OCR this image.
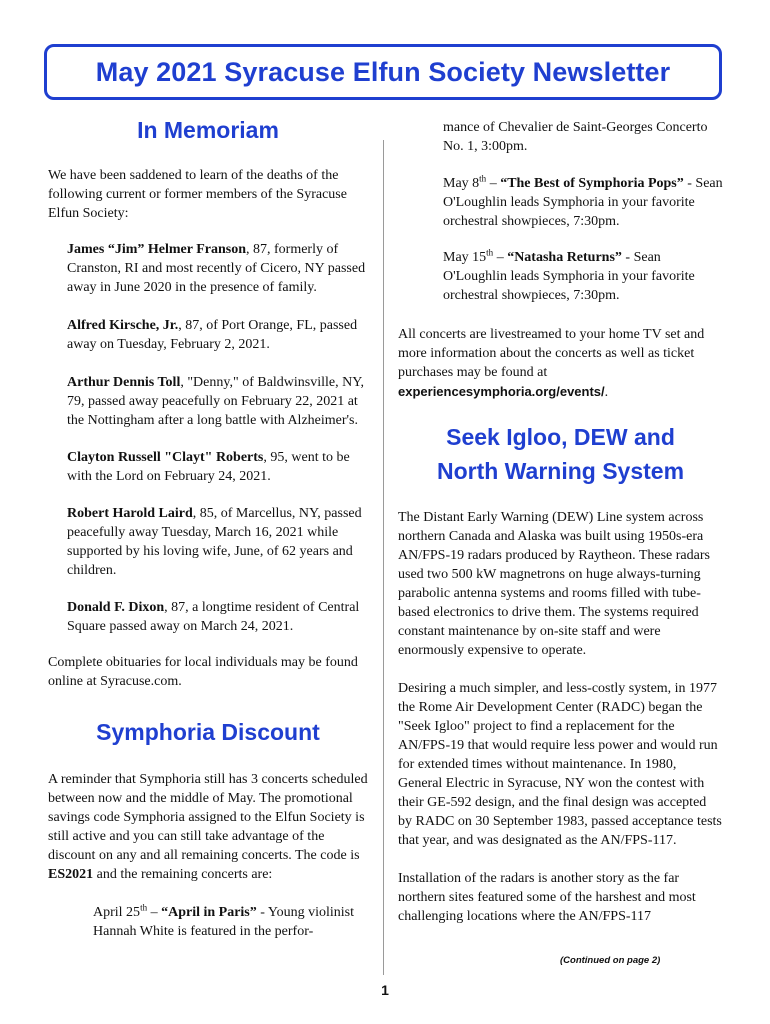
May 2021 Syracuse Elfun Society Newsletter
In Memoriam

We have been saddened to learn of the deaths of the following current or former members of the Syracuse Elfun Society:

James “Jim” Helmer Franson, 87, formerly of Cranston, RI and most recently of Cicero, NY passed away in June 2020 in the presence of family.

Alfred Kirsche, Jr., 87, of Port Orange, FL, passed away on Tuesday, February 2, 2021.

Arthur Dennis Toll, "Denny," of Baldwinsville, NY, 79, passed away peacefully on February 22, 2021 at the Nottingham after a long battle with Alzheimer's.

Clayton Russell "Clayt" Roberts, 95, went to be with the Lord on February 24, 2021.

Robert Harold Laird, 85, of Marcellus, NY, passed peacefully away Tuesday, March 16, 2021 while supported by his loving wife, June, of 62 years and children.

Donald F. Dixon, 87, a longtime resident of Central Square passed away on March 24, 2021.

Complete obituaries for local individuals may be found online at Syracuse.com.

Symphoria Discount

A reminder that Symphoria still has 3 concerts scheduled between now and the middle of May. The promotional savings code Symphoria assigned to the Elfun Society is still active and you can still take advantage of the discount on any and all remaining concerts. The code is ES2021 and the remaining concerts are:

April 25th – “April in Paris” - Young violinist Hannah White is featured in the perfor-

mance of Chevalier de Saint-Georges Concerto No. 1, 3:00pm.

May 8th – “The Best of Symphoria Pops” - Sean O'Loughlin leads Symphoria in your favorite orchestral showpieces, 7:30pm.

May 15th – “Natasha Returns” - Sean O'Loughlin leads Symphoria in your favorite orchestral showpieces, 7:30pm.

All concerts are livestreamed to your home TV set and more information about the concerts as well as ticket purchases may be found at experiencesymphoria.org/events/.

Seek Igloo, DEW and
North Warning System

The Distant Early Warning (DEW) Line system across northern Canada and Alaska was built using 1950s-era AN/FPS-19 radars produced by Raytheon. These radars used two 500 kW magnetrons on huge always-turning parabolic antenna systems and rooms filled with tube-based electronics to drive them. The systems required constant maintenance by on-site staff and were enormously expensive to operate.

Desiring a much simpler, and less-costly system, in 1977 the Rome Air Development Center (RADC) began the "Seek Igloo" project to find a replacement for the AN/FPS-19 that would require less power and would run for extended times without maintenance. In 1980, General Electric in Syracuse, NY won the contest with their GE-592 design, and the final design was accepted by RADC on 30 September 1983, passed acceptance tests that year, and was designated as the AN/FPS-117.

Installation of the radars is another story as the far northern sites featured some of the harshest and most challenging locations where the AN/FPS-117

(Continued on page 2)
1
